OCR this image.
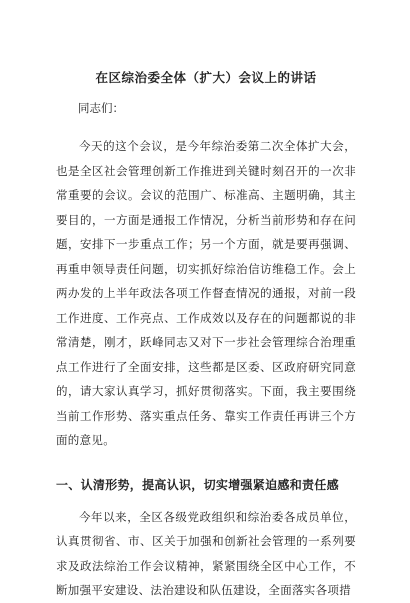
在区综治委全体（扩大）会议上的讲话
同志们：

今天的这个会议，是今年综治委第二次全体扩大会，也是全区社会管理创新工作推进到关键时刻召开的一次非常重要的会议。会议的范围广、标准高、主题明确，其主要目的，一方面是通报工作情况，分析当前形势和存在问题，安排下一步重点工作；另一个方面，就是要再强调、再重申领导责任问题，切实抓好综治信访维稳工作。会上两办发的上半年政法各项工作督查情况的通报，对前一段工作进度、工作亮点、工作成效以及存在的问题都说的非常清楚，刚才，跃峰同志又对下一步社会管理综合治理重点工作进行了全面安排，这些都是区委、区政府研究同意的，请大家认真学习，抓好贯彻落实。下面，我主要围绕当前工作形势、落实重点任务、靠实工作责任再讲三个方面的意见。

一、认清形势，提高认识，切实增强紧迫感和责任感

今年以来，全区各级党政组织和综治委各成员单位，认真贯彻省、市、区关于加强和创新社会管理的一系列要求及政法综治工作会议精神，紧紧围绕全区中心工作，不断加强平安建设、法治建设和队伍建设，全面落实各项措
